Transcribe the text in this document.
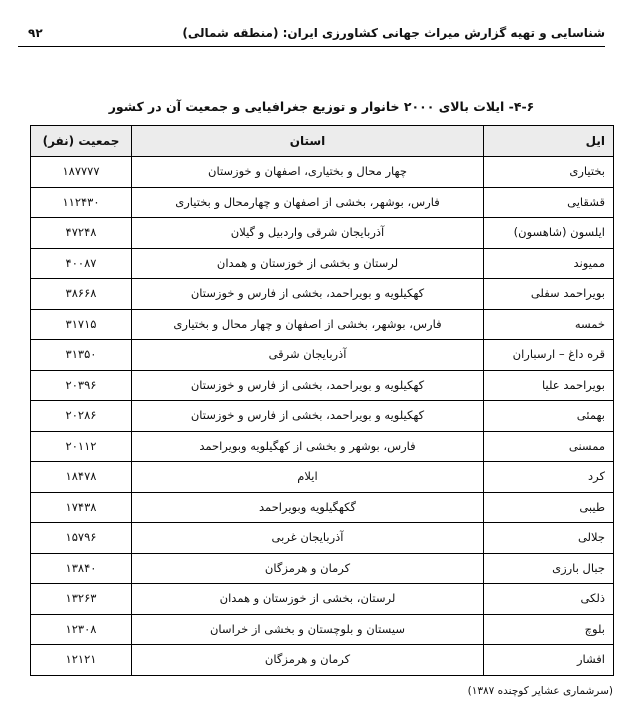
شناسایی و تهیه گزارش میراث جهانی کشاورزی ایران: (منطقه شمالی)
۹۲
۴-۶- ایلات بالای ۲۰۰۰ خانوار و توزیع جغرافیایی و جمعیت آن در کشور
ایل	استان	جمعیت (نفر)
بختیاری	چهار محال و بختیاری، اصفهان و خوزستان	۱۸۷۷۷۷
قشقایی	فارس، بوشهر، بخشی از اصفهان و چهارمحال و بختیاری	۱۱۲۴۳۰
ایلسون (شاهسون)	آذربایجان شرقی واردبیل و گیلان	۴۷۲۴۸
ممیوند	لرستان و بخشی از خوزستان و همدان	۴۰۰۸۷
بویراحمد سفلی	کهکیلویه و بویراحمد، بخشی از فارس و خوزستان	۳۸۶۶۸
خمسه	فارس، بوشهر، بخشی از اصفهان و چهار محال و بختیاری	۳۱۷۱۵
قره داغ – ارسباران	آذربایجان شرقی	۳۱۳۵۰
بویراحمد علیا	کهکیلویه و بویراحمد، بخشی از فارس و خوزستان	۲۰۳۹۶
بهمئی	کهکیلویه و بویراحمد، بخشی از فارس و خوزستان	۲۰۲۸۶
ممسنی	فارس، بوشهر و بخشی از کهگیلویه وبویراحمد	۲۰۱۱۲
کرد	ایلام	۱۸۴۷۸
طیبی	گکهگیلویه وبویراحمد	۱۷۴۳۸
جلالی	آذربایجان غربی	۱۵۷۹۶
جبال بارزی	کرمان و هرمزگان	۱۳۸۴۰
ذلکی	لرستان، بخشی از خوزستان و همدان	۱۳۲۶۳
بلوچ	سیستان و بلوچستان و بخشی از خراسان	۱۲۳۰۸
افشار	کرمان و هرمزگان	۱۲۱۲۱
(سرشماری عشایر کوچنده ۱۳۸۷)
